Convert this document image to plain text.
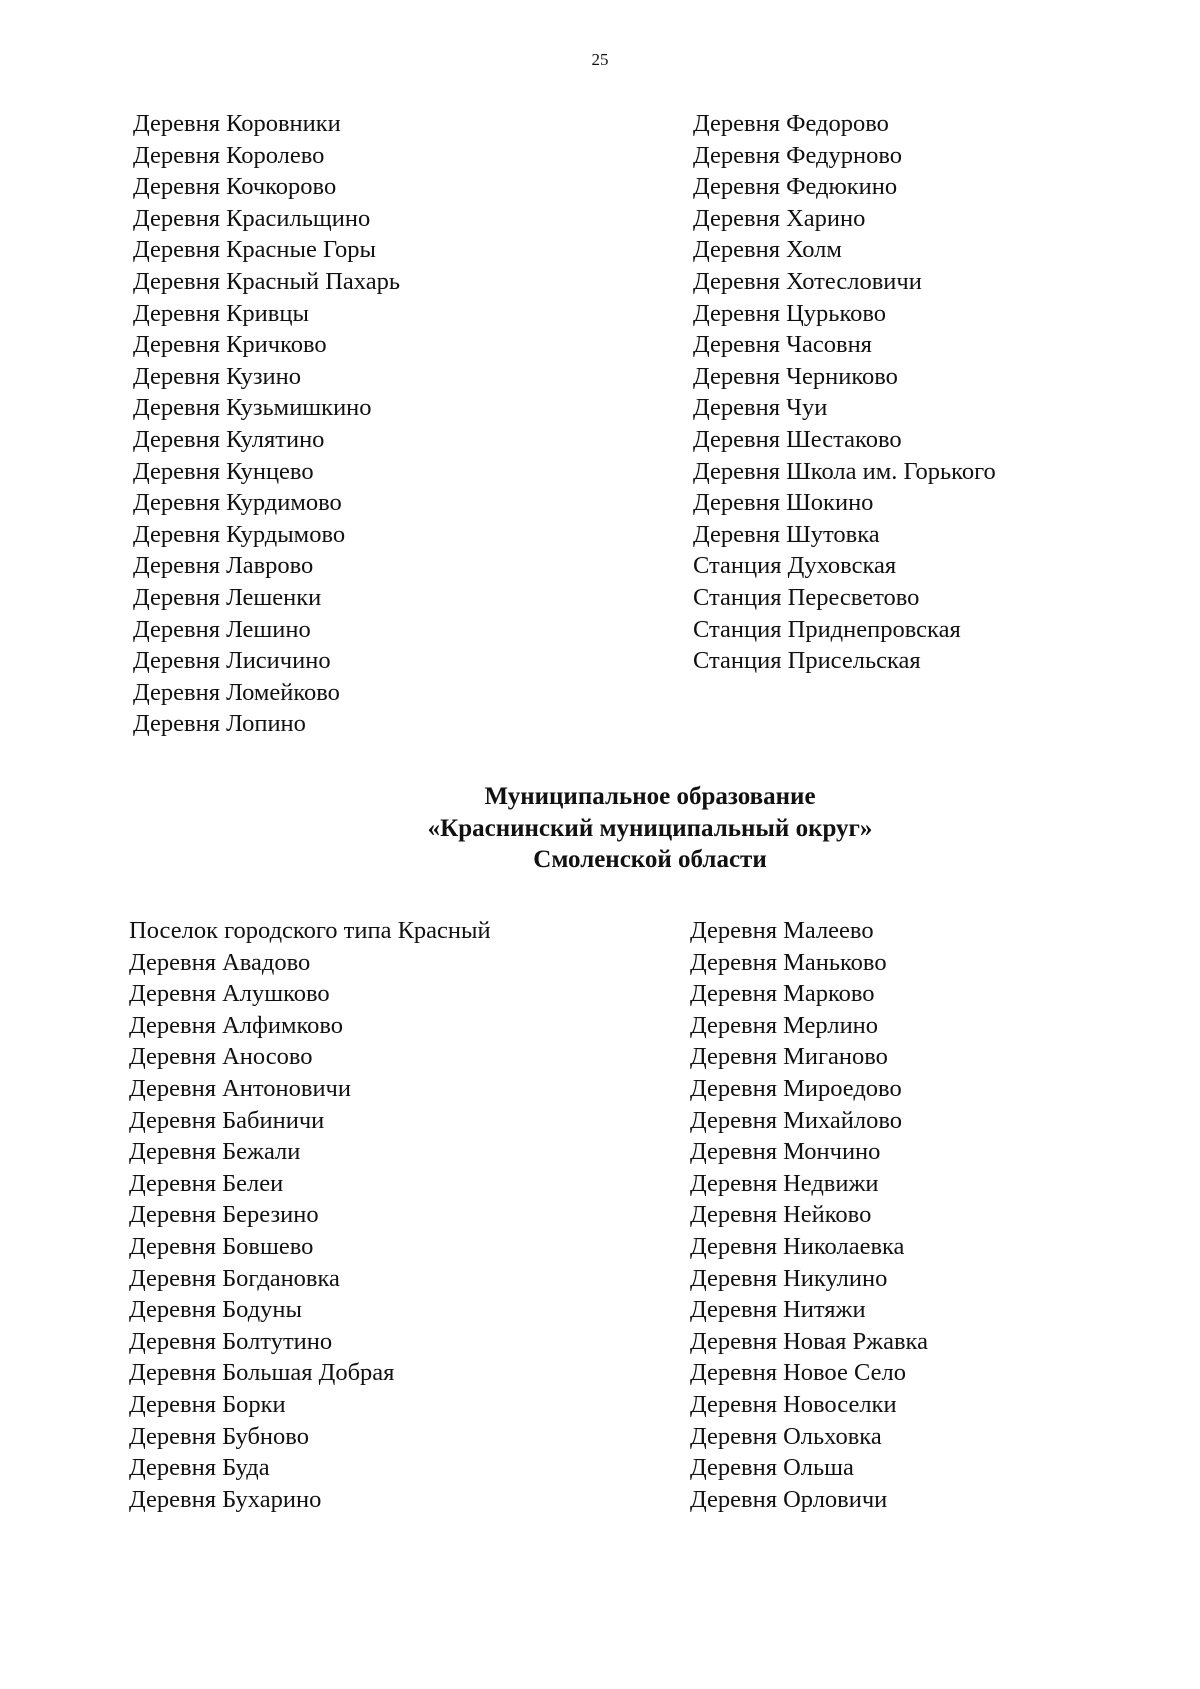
25
Деревня Коровники
Деревня Королево
Деревня Кочкорово
Деревня Красильщино
Деревня Красные Горы
Деревня Красный Пахарь
Деревня Кривцы
Деревня Кричково
Деревня Кузино
Деревня Кузьмишкино
Деревня Кулятино
Деревня Кунцево
Деревня Курдимово
Деревня Курдымово
Деревня Лаврово
Деревня Лешенки
Деревня Лешино
Деревня Лисичино
Деревня Ломейково
Деревня Лопино
Деревня Федорово
Деревня Федурново
Деревня Федюкино
Деревня Харино
Деревня Холм
Деревня Хотесловичи
Деревня Цурьково
Деревня Часовня
Деревня Черниково
Деревня Чуи
Деревня Шестаково
Деревня Школа им. Горького
Деревня Шокино
Деревня Шутовка
Станция Духовская
Станция Пересветово
Станция Приднепровская
Станция Присельская
Муниципальное образование
«Краснинский муниципальный округ»
Смоленской области
Поселок городского типа Красный
Деревня Авадово
Деревня Алушково
Деревня Алфимково
Деревня Аносово
Деревня Антоновичи
Деревня Бабиничи
Деревня Бежали
Деревня Белеи
Деревня Березино
Деревня Бовшево
Деревня Богдановка
Деревня Бодуны
Деревня Болтутино
Деревня Большая Добрая
Деревня Борки
Деревня Бубново
Деревня Буда
Деревня Бухарино
Деревня Малеево
Деревня Маньково
Деревня Марково
Деревня Мерлино
Деревня Миганово
Деревня Мироедово
Деревня Михайлово
Деревня Мончино
Деревня Недвижи
Деревня Нейково
Деревня Николаевка
Деревня Никулино
Деревня Нитяжи
Деревня Новая Ржавка
Деревня Новое Село
Деревня Новоселки
Деревня Ольховка
Деревня Ольша
Деревня Орловичи
